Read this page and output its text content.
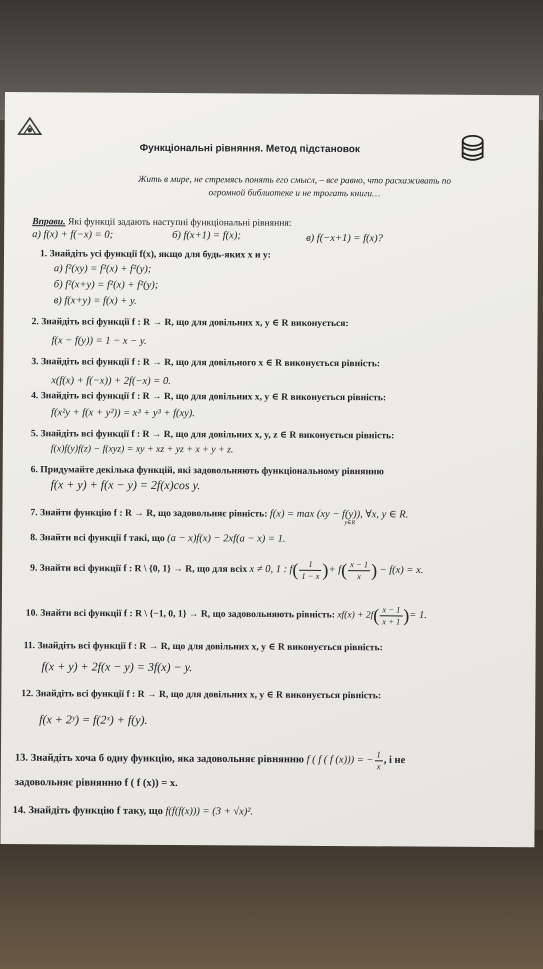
Функціональні рівняння. Метод підстановок
Жить в мире, не стремясь понять его смысл, – все равно, что расхаживать по
огромной библиотеке и не трогать книги…
Вправи. Які функції задають наступні функціональні рівняння:
а) f(x) + f(−x) = 0;	б) f(x+1) = f(x);	в) f(−x+1) = f(x)?
1. Знайдіть усі функції f(x), якщо для будь-яких x и y:
а) f²(xy) = f²(x) + f²(y);
б) f²(x+y) = f²(x) + f²(y);
в) f(x+y) = f(x) + y.
2. Знайдіть всі функції f : R → R, що для довільних x, y ∈ R виконується:
f(x − f(y)) = 1 − x − y.
3. Знайдіть всі функції f : R → R, що для довільного x ∈ R виконується рівність:
x(f(x) + f(−x)) + 2f(−x) = 0.
4. Знайдіть всі функції f : R → R, що для довільних x, y ∈ R виконується рівність:
f(x²y + f(x + y²)) = x³ + y³ + f(xy).
5. Знайдіть всі функції f : R → R, що для довільних x, y, z ∈ R виконується рівність:
f(x)f(y)f(z) − f(xyz) = xy + xz + yz + x + y + z.
6. Придумайте декілька функцій, які задовольняють функціональному рівнянню
f(x + y) + f(x − y) = 2f(x)cos y.
7. Знайти функцію f : R → R, що задовольняє рівність: f(x) = max (xy − f(y)), ∀x, y ∈ R.
y∈R
8. Знайти всі функції f такі, що (a − x)f(x) − 2xf(a − x) = 1.
9. Знайти всі функції f : R \ {0, 1} → R, що для всіх x ≠ 0, 1 : $f( \frac{1}{1 - x}$ )+ $f( \frac{x - 1}{x}$ ) − f(x) = x.
10. Знайти всі функції f : R \ {−1, 0, 1} → R, що задовольняють рівність: $xf(x) + 2f( \frac{x - 1}{x + 1}$ )= 1.
11. Знайдіть всі функції f : R → R, що для довільних x, y ∈ R виконується рівність:
f(x + y) + 2f(x − y) = 3f(x) − y.
12. Знайдіть всі функції f : R → R, що для довільних x, y ∈ R виконується рівність:
f(x + 2ʸ) = f(2ˣ) + f(y).
13. Знайдіть хоча б одну функцію, яка задовольняє рівнянню f ( f ( f (x))) = − $\frac{1}{x}$ , і не
задовольняє рівнянню f ( f (x)) = x.
14. Знайдіть функцію f таку, що f(f(f(x))) = (3 + √x)².
